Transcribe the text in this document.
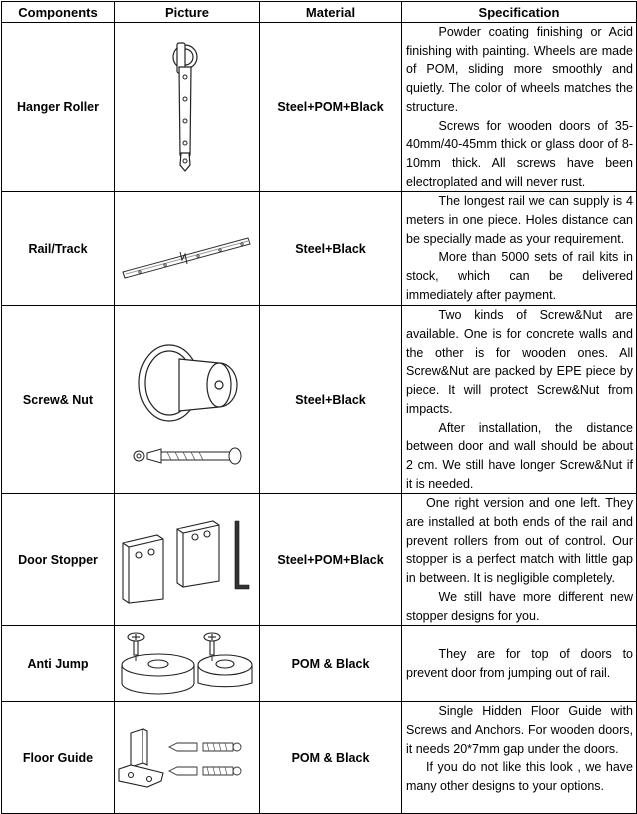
Components	Picture	Material	Specification
Hanger Roller		Steel+POM+Black	Powder coating finishing or Acid finishing with painting. Wheels are made of POM, sliding more smoothly and quietly. The color of wheels matches the structure.

Screws for wooden doors of 35-40mm/40-45mm thick or glass door of 8-10mm thick. All screws have been electroplated and will never rust.

Rail/Track		Steel+Black	The longest rail we can supply is 4 meters in one piece. Holes distance can be specially made as your requirement.

More than 5000 sets of rail kits in stock, which can be delivered immediately after payment.

Screw& Nut		Steel+Black	Two kinds of Screw&Nut are available. One is for concrete walls and the other is for wooden ones. All Screw&Nut are packed by EPE piece by piece. It will protect Screw&Nut from impacts.

After installation, the distance between door and wall should be about 2 cm. We still have longer Screw&Nut if it is needed.

Door Stopper		Steel+POM+Black	One right version and one left. They are installed at both ends of the rail and prevent rollers from out of control. Our stopper is a perfect match with little gap in between. It is negligible completely.

We still have more different new stopper designs for you.

Anti Jump		POM & Black	They are for top of doors to prevent door from jumping out of rail.

Floor Guide		POM & Black	Single Hidden Floor Guide with Screws and Anchors. For wooden doors, it needs 20*7mm gap under the doors.

If you do not like this look , we have many other designs to your options.
